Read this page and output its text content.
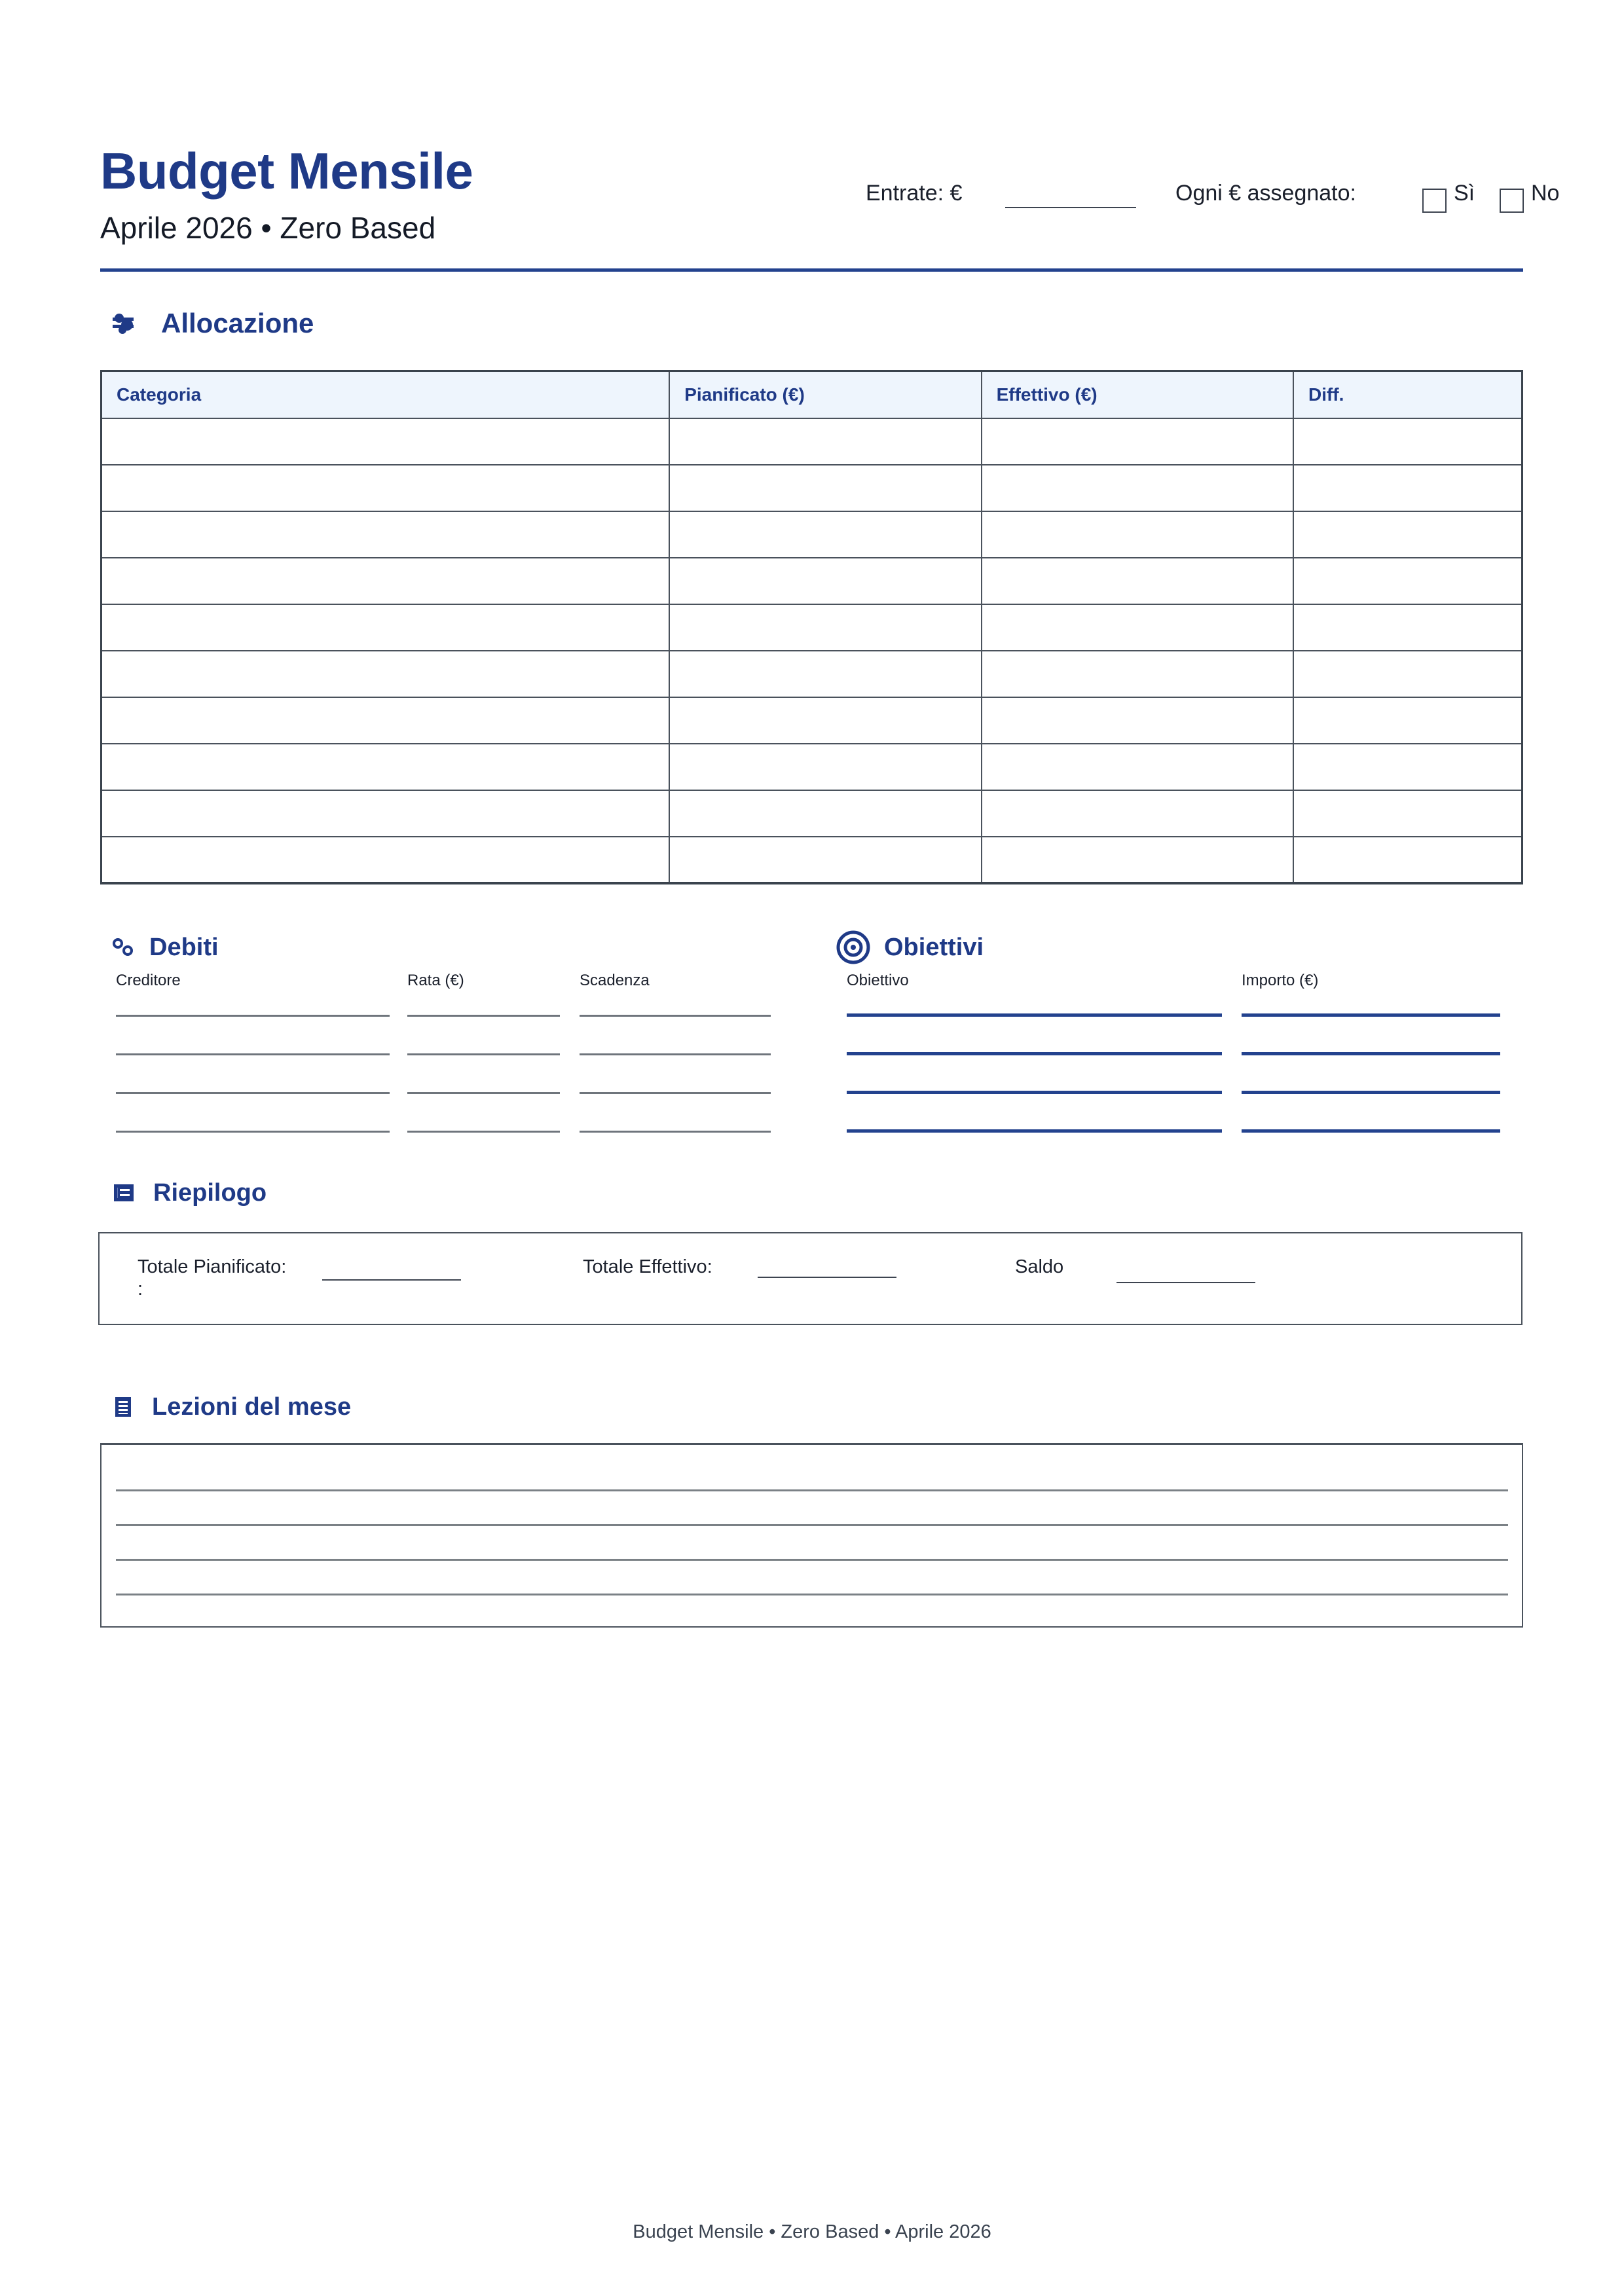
Budget Mensile
Aprile 2026 • Zero Based
Entrate: €	Ogni € assegnato:	Sì	No
Allocazione
Categoria	Pianificato (€)	Effettivo (€)	Diff.

Debiti
Creditore	Rata (€)	Scadenza
Obiettivi
Obiettivo	Importo (€)
Riepilogo
Totale Pianificato:
:
Totale Effettivo:	Saldo
Lezioni del mese
Budget Mensile • Zero Based • Aprile 2026
